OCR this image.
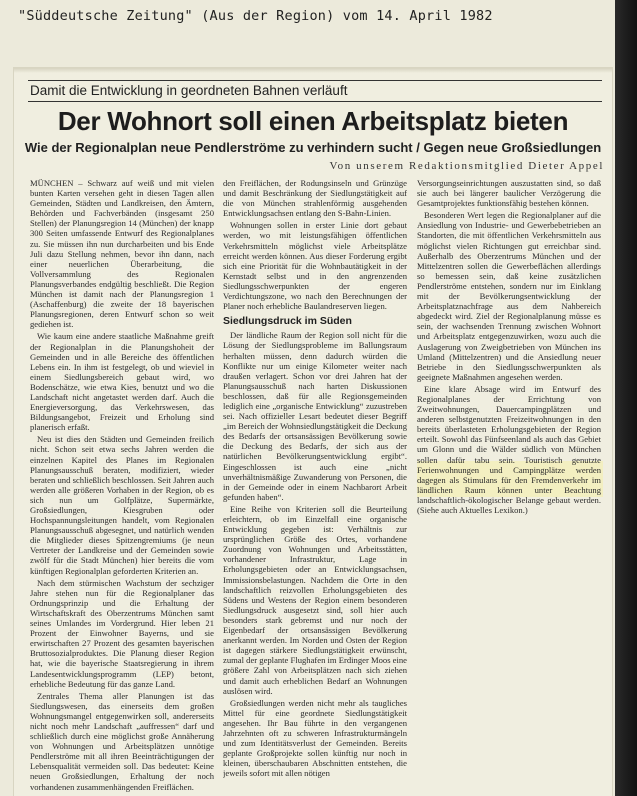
"Süddeutsche Zeitung" (Aus der Region) vom 14. April 1982
Damit die Entwicklung in geordneten Bahnen verläuft
Der Wohnort soll einen Arbeitsplatz bieten
Wie der Regionalplan neue Pendlerströme zu verhindern sucht / Gegen neue Großsiedlungen
Von unserem Redaktionsmitglied Dieter Appel

MÜNCHEN – Schwarz auf weiß und mit vielen bunten Karten versehen geht in diesen Tagen allen Gemeinden, Städten und Landkreisen, den Ämtern, Behörden und Fachverbänden (insgesamt 250 Stellen) der Planungsregion 14 (München) der knapp 300 Seiten umfassende Entwurf des Regionalplanes zu. Sie müssen ihn nun durcharbeiten und bis Ende Juli dazu Stellung nehmen, bevor ihn dann, nach einer neuerlichen Überarbeitung, die Vollversammlung des Regionalen Planungsverbandes endgültig beschließt. Die Region München ist damit nach der Planungsregion 1 (Aschaffenburg) die zweite der 18 bayerischen Planungsregionen, deren Entwurf schon so weit gediehen ist.

Wie kaum eine andere staatliche Maßnahme greift der Regionalplan in die Planungshoheit der Gemeinden und in alle Bereiche des öffentlichen Lebens ein. In ihm ist festgelegt, ob und wieviel in einem Siedlungsbereich gebaut wird, wo Bodenschätze, wie etwa Kies, benutzt und wo die Landschaft nicht angetastet werden darf. Auch die Energieversorgung, das Verkehrswesen, das Bildungsangebot, Freizeit und Erholung sind planerisch erfaßt.

Neu ist dies den Städten und Gemeinden freilich nicht. Schon seit etwa sechs Jahren werden die einzelnen Kapitel des Planes im Regionalen Planungsausschuß beraten, modifiziert, wieder beraten und schließlich beschlossen. Seit Jahren auch werden alle größeren Vorhaben in der Region, ob es sich nun um Golfplätze, Supermärkte, Großsiedlungen, Kiesgruben oder Hochspannungsleitungen handelt, vom Regionalen Planungsausschuß abgesegnet, und natürlich wenden die Mitglieder dieses Spitzengremiums (je neun Vertreter der Landkreise und der Gemeinden sowie zwölf für die Stadt München) hier bereits die vom künftigen Regionalplan geforderten Kriterien an.

Nach dem stürmischen Wachstum der sechziger Jahre stehen nun für die Regionalplaner das Ordnungsprinzip und die Erhaltung der Wirtschaftskraft des Oberzentrums München samt seines Umlandes im Vordergrund. Hier leben 21 Prozent der Einwohner Bayerns, und sie erwirtschaften 27 Prozent des gesamten bayerischen Bruttosozialproduktes. Die Planung dieser Region hat, wie die bayerische Staatsregierung in ihrem Landesentwicklungsprogramm (LEP) betont, erhebliche Bedeutung für das ganze Land.

Zentrales Thema aller Planungen ist das Siedlungswesen, das einerseits dem großen Wohnungsmangel entgegenwirken soll, andererseits nicht noch mehr Landschaft „auffressen“ darf und schließlich durch eine möglichst große Annäherung von Wohnungen und Arbeitsplätzen unnötige Pendlerströme mit all ihren Beeinträchtigungen der Lebensqualität vermeiden soll. Das bedeutet: Keine neuen Großsiedlungen, Erhaltung der noch vorhandenen zusammenhängenden Freiflächen.

den Freiflächen, der Rodungsinseln und Grünzüge und damit Beschränkung der Siedlungstätigkeit auf die von München strahlenförmig ausgehenden Entwicklungsachsen entlang den S-Bahn-Linien.

Wohnungen sollen in erster Linie dort gebaut werden, wo mit leistungsfähigen öffentlichen Verkehrsmitteln möglichst viele Arbeitsplätze erreicht werden können. Aus dieser Forderung ergibt sich eine Priorität für die Wohnbautätigkeit in der Kernstadt selbst und in den angrenzenden Siedlungsschwerpunkten der engeren Verdichtungszone, wo nach den Berechnungen der Planer noch erhebliche Baulandreserven liegen.

Siedlungsdruck im Süden

Der ländliche Raum der Region soll nicht für die Lösung der Siedlungsprobleme im Ballungsraum herhalten müssen, denn dadurch würden die Konflikte nur um einige Kilometer weiter nach draußen verlagert. Schon vor drei Jahren hat der Planungsausschuß nach harten Diskussionen beschlossen, daß für alle Regionsgemeinden lediglich eine „organische Entwicklung“ zuzustreben sei. Nach offizieller Lesart bedeutet dieser Begriff „im Bereich der Wohnsiedlungstätigkeit die Deckung des Bedarfs der ortsansässigen Bevölkerung sowie die Deckung des Bedarfs, der sich aus der natürlichen Bevölkerungsentwicklung ergibt“. Eingeschlossen ist auch eine „nicht unverhältnismäßige Zuwanderung von Personen, die in der Gemeinde oder in einem Nachbarort Arbeit gefunden haben“.

Eine Reihe von Kriterien soll die Beurteilung erleichtern, ob im Einzelfall eine organische Entwicklung gegeben ist: Verhältnis zur ursprünglichen Größe des Ortes, vorhandene Zuordnung von Wohnungen und Arbeitsstätten, vorhandener Infrastruktur, Lage in Erholungsgebieten oder an Entwicklungsachsen, Immissionsbelastungen. Nachdem die Orte in den landschaftlich reizvollen Erholungsgebieten des Südens und Westens der Region einem besonderen Siedlungsdruck ausgesetzt sind, soll hier auch besonders stark gebremst und nur noch der Eigenbedarf der ortsansässigen Bevölkerung anerkannt werden. Im Norden und Osten der Region ist dagegen stärkere Siedlungstätigkeit erwünscht, zumal der geplante Flughafen im Erdinger Moos eine größere Zahl von Arbeitsplätzen nach sich ziehen und damit auch erheblichen Bedarf an Wohnungen auslösen wird.

Großsiedlungen werden nicht mehr als taugliches Mittel für eine geordnete Siedlungstätigkeit angesehen. Ihr Bau führte in den vergangenen Jahrzehnten oft zu schweren Infrastrukturmängeln und zum Identitätsverlust der Gemeinden. Bereits geplante Großprojekte sollen künftig nur noch in kleinen, überschaubaren Abschnitten entstehen, die jeweils sofort mit allen nötigen

Versorgungseinrichtungen auszustatten sind, so daß sie auch bei längerer baulicher Verzögerung die Gesamtprojektes funktionsfähig bestehen können.

Besonderen Wert legen die Regionalplaner auf die Ansiedlung von Industrie- und Gewerbebetrieben an Standorten, die mit öffentlichen Verkehrsmitteln aus möglichst vielen Richtungen gut erreichbar sind. Außerhalb des Oberzentrums München und der Mittelzentren sollen die Gewerbeflächen allerdings so bemessen sein, daß keine zusätzlichen Pendlerströme entstehen, sondern nur im Einklang mit der Bevölkerungsentwicklung der Arbeitsplatznachfrage aus dem Nahbereich abgedeckt wird. Ziel der Regionalplanung müsse es sein, der wachsenden Trennung zwischen Wohnort und Arbeitsplatz entgegenzuwirken, wozu auch die Auslagerung von Zweigbetrieben von München ins Umland (Mittelzentren) und die Ansiedlung neuer Betriebe in den Siedlungsschwerpunkten als geeignete Maßnahmen angesehen werden.

Eine klare Absage wird im Entwurf des Regionalplanes der Errichtung von Zweitwohnungen, Dauercampingplätzen und anderen selbstgenutzten Freizeitwohnungen in den bereits überlasteten Erholungsgebieten der Region erteilt. Sowohl das Fünfseenland als auch das Gebiet um Glonn und die Wälder südlich von München sollen dafür tabu sein. Touristisch genutzte Ferienwohnungen und Campingplätze werden dagegen als Stimulans für den Fremdenverkehr im ländlichen Raum können unter Beachtung landschaftlich-ökologischer Belange gebaut werden. (Siehe auch Aktuelles Lexikon.)
